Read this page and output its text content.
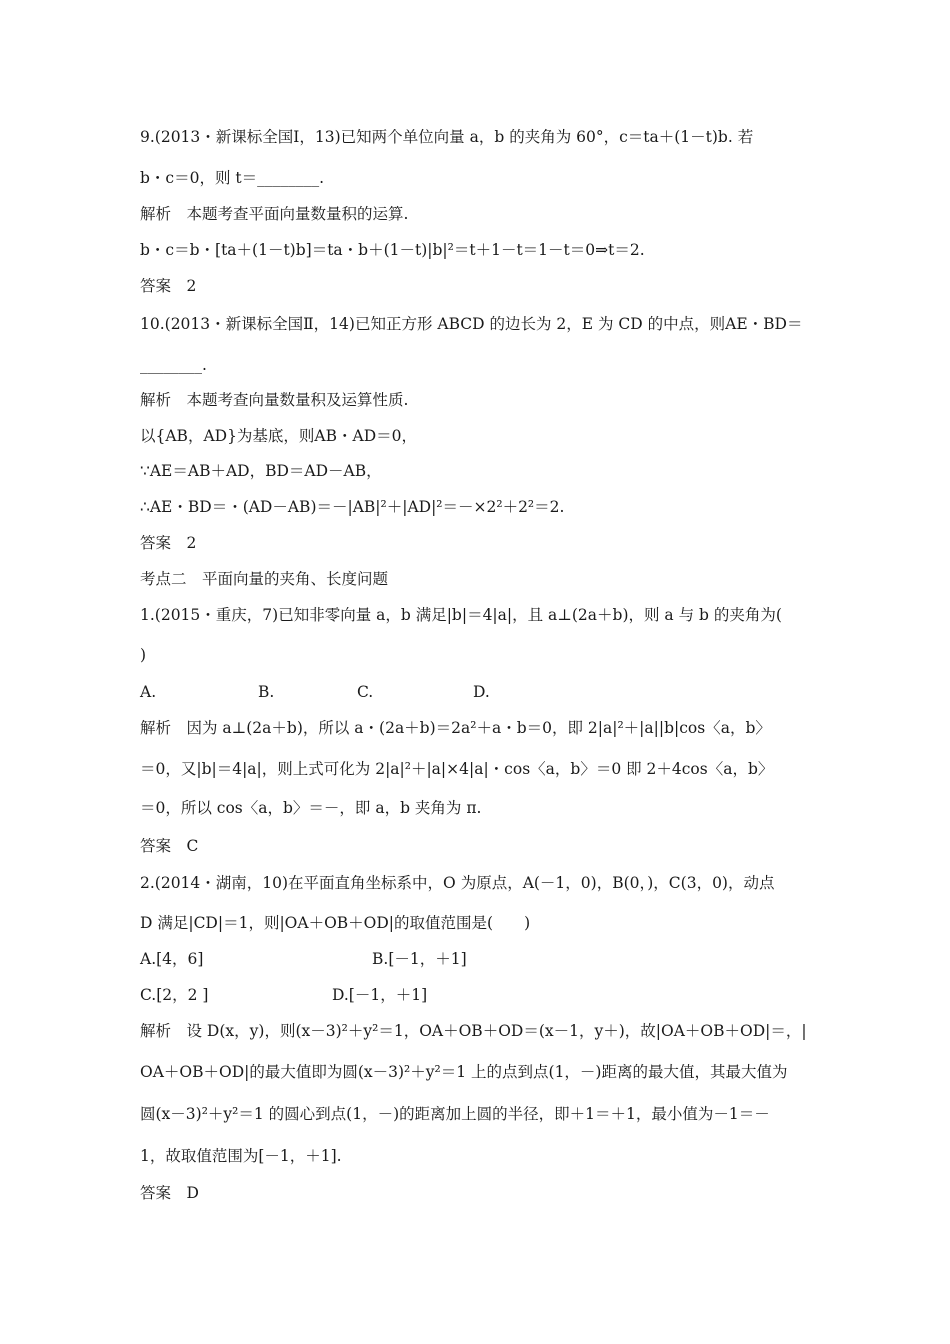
9.(2013・新课标全国Ⅰ，13)已知两个单位向量 a，b 的夹角为 60°，c＝ta＋(1－t)b. 若
b・c＝0，则 t＝________.
解析　本题考查平面向量数量积的运算.
b・c＝b・[ta＋(1－t)b]＝ta・b＋(1－t)|b|²＝t＋1－t＝1－t＝0⇒t＝2.
答案　2
10.(2013・新课标全国Ⅱ，14)已知正方形 ABCD 的边长为 2，E 为 CD 的中点，则AE・BD＝
________.
解析　本题考查向量数量积及运算性质.
以{AB，AD}为基底，则AB・AD＝0，
∵AE＝AB＋AD，BD＝AD－AB，
∴AE・BD＝・(AD－AB)＝－|AB|²＋|AD|²＝－×2²＋2²＝2.
答案　2
考点二　平面向量的夹角、长度问题
1.(2015・重庆，7)已知非零向量 a，b 满足|b|＝4|a|，且 a⊥(2a＋b)，则 a 与 b 的夹角为(
)
A.	B.	C.	D.
解析　因为 a⊥(2a＋b)，所以 a・(2a＋b)＝2a²＋a・b＝0，即 2|a|²＋|a||b|cos〈a，b〉
＝0，又|b|＝4|a|，则上式可化为 2|a|²＋|a|×4|a|・cos〈a，b〉＝0 即 2＋4cos〈a，b〉
＝0，所以 cos〈a，b〉＝－，即 a，b 夹角为 π.
答案　C
2.(2014・湖南，10)在平面直角坐标系中，O 为原点，A(－1，0)，B(0，)，C(3，0)，动点
D 满足|CD|＝1，则|OA＋OB＋OD|的取值范围是(　　)
A.[4，6]	B.[－1，＋1]
C.[2，2 ]	D.[－1，＋1]
解析　设 D(x，y)，则(x－3)²＋y²＝1，OA＋OB＋OD＝(x－1，y＋)，故|OA＋OB＋OD|＝，|
OA＋OB＋OD|的最大值即为圆(x－3)²＋y²＝1 上的点到点(1，－)距离的最大值，其最大值为
圆(x－3)²＋y²＝1 的圆心到点(1，－)的距离加上圆的半径，即＋1＝＋1，最小值为－1＝－
1，故取值范围为[－1，＋1].
答案　D
